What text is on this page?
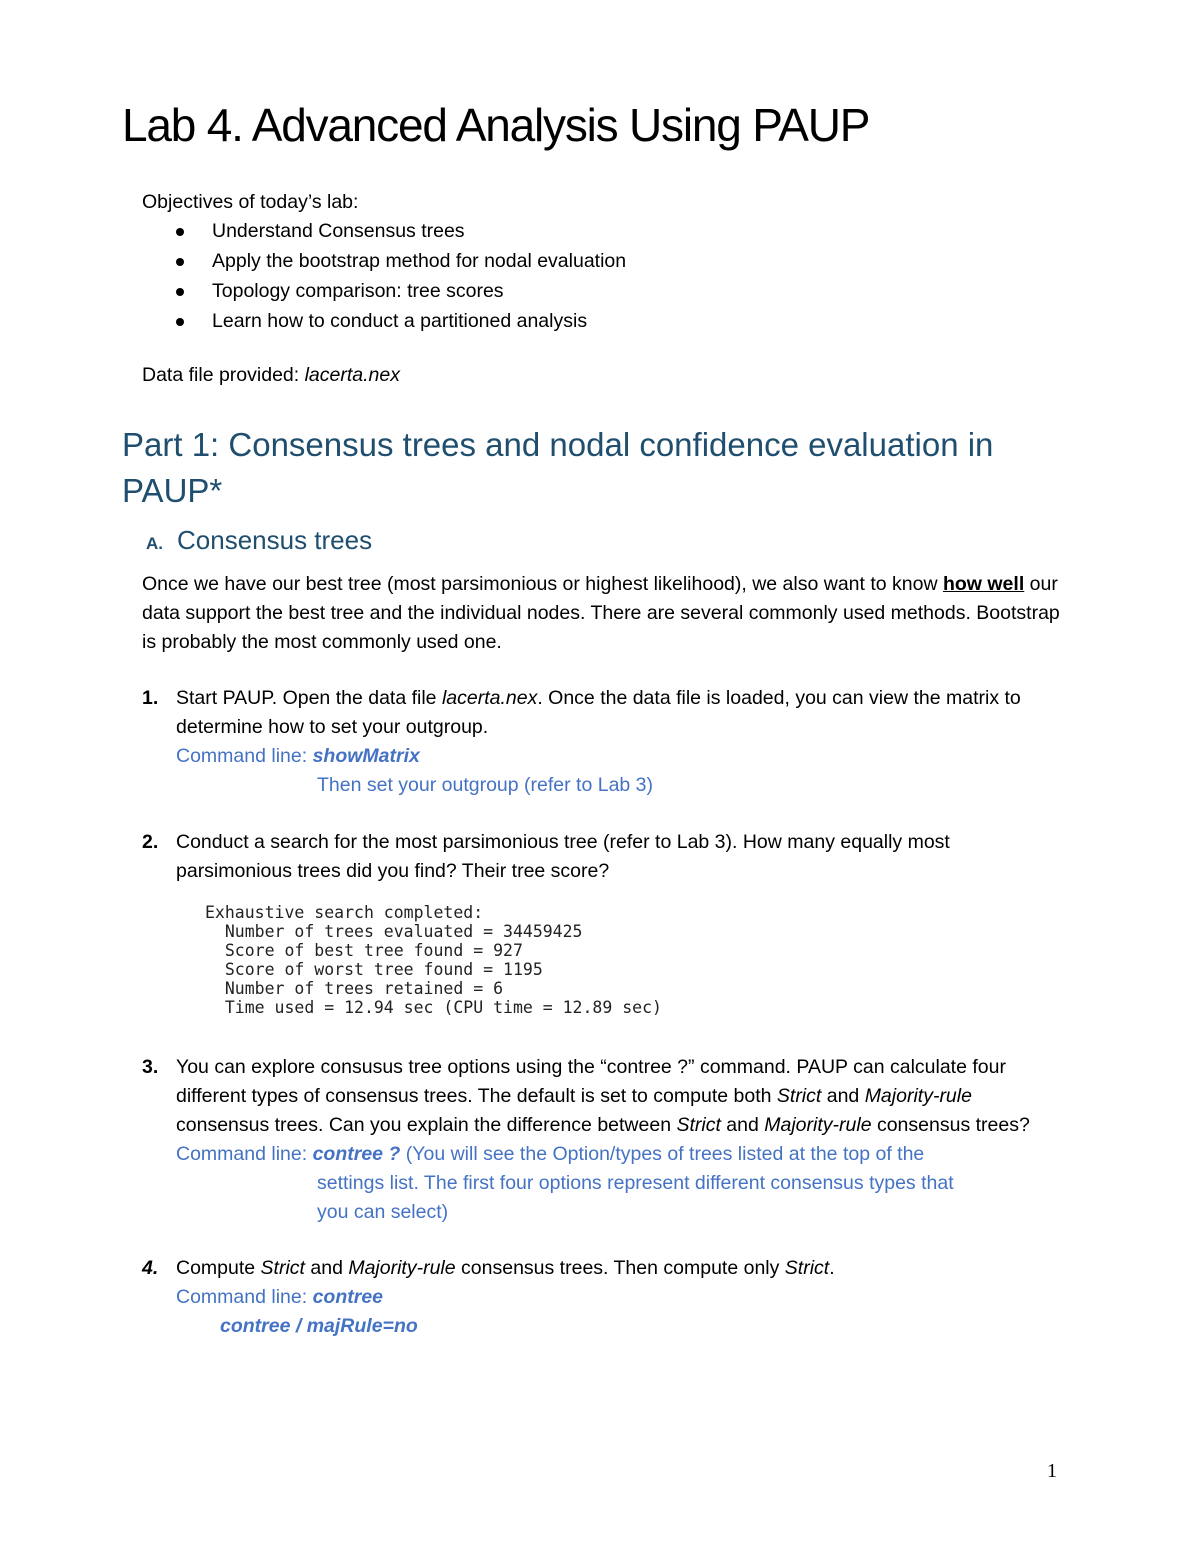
Lab 4. Advanced Analysis Using PAUP
Objectives of today’s lab:
Understand Consensus trees
Apply the bootstrap method for nodal evaluation
Topology comparison: tree scores
Learn how to conduct a partitioned analysis
Data file provided: lacerta.nex
Part 1: Consensus trees and nodal confidence evaluation in PAUP*
A. Consensus trees

Once we have our best tree (most parsimonious or highest likelihood), we also want to know how well our data support the best tree and the individual nodes. There are several commonly used methods. Bootstrap is probably the most commonly used one.

1. Start PAUP. Open the data file lacerta.nex. Once the data file is loaded, you can view the matrix to determine how to set your outgroup.
Command line: showMatrix
Then set your outgroup (refer to Lab 3)
2. Conduct a search for the most parsimonious tree (refer to Lab 3). How many equally most parsimonious trees did you find? Their tree score?
Exhaustive search completed:
Number of trees evaluated = 34459425
Score of best tree found = 927
Score of worst tree found = 1195
Number of trees retained = 6
Time used = 12.94 sec (CPU time = 12.89 sec)
3. You can explore consusus tree options using the “contree ?” command. PAUP can calculate four different types of consensus trees. The default is set to compute both Strict and Majority-rule consensus trees. Can you explain the difference between Strict and Majority-rule consensus trees?
Command line: contree ? (You will see the Option/types of trees listed at the top of the
settings list. The first four options represent different consensus types that
you can select)
4. Compute Strict and Majority-rule consensus trees. Then compute only Strict.
Command line: contree
contree / majRule=no
1
